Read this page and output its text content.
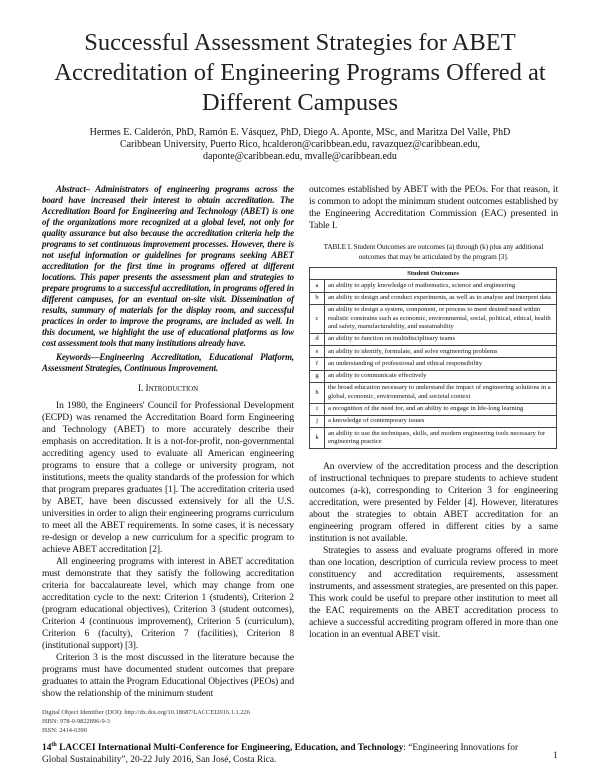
Successful Assessment Strategies for ABET Accreditation of Engineering Programs Offered at Different Campuses
Hermes E. Calderón, PhD, Ramón E. Vásquez, PhD, Diego A. Aponte, MSc, and Maritza Del Valle, PhD
Caribbean University, Puerto Rico, hcalderon@caribbean.edu, ravazquez@caribbean.edu, daponte@caribbean.edu, mvalle@caribbean.edu

Abstract– Administrators of engineering programs across the board have increased their interest to obtain accreditation. The Accreditation Board for Engineering and Technology (ABET) is one of the organizations more recognized at a global level, not only for quality assurance but also because the accreditation criteria help the programs to set continuous improvement processes. However, there is not useful information or guidelines for programs seeking ABET accreditation for the first time in programs offered at different locations. This paper presents the assessment plan and strategies to prepare programs to a successful accreditation, in programs offered in different campuses, for an eventual on-site visit. Dissemination of results, summary of materials for the display room, and successful practices in order to improve the programs, are included as well. In this document, we highlight the use of educational platforms as low cost assessment tools that many institutions already have.

Keywords—Engineering Accreditation, Educational Platform, Assessment Strategies, Continuous Improvement.

I. Introduction

In 1980, the Engineers' Council for Professional Development (ECPD) was renamed the Accreditation Board form Engineering and Technology (ABET) to more accurately describe their emphasis on accreditation. It is a not-for-profit, non-governmental accrediting agency used to evaluate all American engineering programs to ensure that a college or university program, not institutions, meets the quality standards of the profession for which that program prepares graduates [1]. The accreditation criteria used by ABET, have been discussed extensively for all the U.S. universities in order to align their engineering programs curriculum to meet all the ABET requirements. In some cases, it is necessary re-design or develop a new curriculum for a specific program to achieve ABET accreditation [2].

All engineering programs with interest in ABET accreditation must demonstrate that they satisfy the following accreditation criteria for baccalaureate level, which may change from one accreditation cycle to the next: Criterion 1 (students), Criterion 2 (program educational objectives), Criterion 3 (student outcomes), Criterion 4 (continuous improvement), Criterion 5 (curriculum), Criterion 6 (faculty), Criterion 7 (facilities), Criterion 8 (institutional support) [3].

Criterion 3 is the most discussed in the literature because the programs must have documented student outcomes that prepare graduates to attain the Program Educational Objectives (PEOs) and show the relationship of the minimum student

Digital Object Identifier (DOI): http://dx.doi.org/10.18687/LACCEI2016.1.1.226
ISBN: 978-0-9822896-9-3
ISSN: 2414-6390

outcomes established by ABET with the PEOs. For that reason, it is common to adopt the minimum student outcomes established by the Engineering Accreditation Commission (EAC) presented in Table I.

TABLE I. Student Outcomes are outcomes (a) through (k) plus any additional outcomes that may be articulated by the program [3].
Student Outcomes	
a	an ability to apply knowledge of mathematics, science and engineering
b	an ability to design and conduct experiments, as well as to analyse and interpret data
c	an ability to design a system, component, or process to meet desired need within realistic constrains such as economic, environmental, social, political, ethical, health and safety, manufacturability, and sustainability
d	an ability to function on multidisciplinary teams
e	an ability to identify, formulate, and solve engineering problems
f	an understanding of professional and ethical responsibility
g	an ability to communicate effectively
h	the broad education necessary to understand the impact of engineering solutions in a global, economic, environmental, and societal context
i	a recognition of the need for, and an ability to engage in life-long learning
j	a knowledge of contemporary issues
k	an ability to use the techniques, skills, and modern engineering tools necessary for engineering practice

An overview of the accreditation process and the description of instructional techniques to prepare students to achieve student outcomes (a-k), corresponding to Criterion 3 for engineering accreditation, were presented by Felder [4]. However, literatures about the strategies to obtain ABET accreditation for an engineering program offered in different cities by a same institution is not available.

Strategies to assess and evaluate programs offered in more than one location, description of curricula review process to meet constituency and accreditation requirements, assessment instruments, and assessment strategies, are presented on this paper. This work could be useful to prepare other institution to meet all the EAC requirements on the ABET accreditation process to achieve a successful accrediting program offered in more than one location in an eventual ABET visit.

14th LACCEI International Multi-Conference for Engineering, Education, and Technology: “Engineering Innovations for Global Sustainability”, 20-22 July 2016, San José, Costa Rica.	1
